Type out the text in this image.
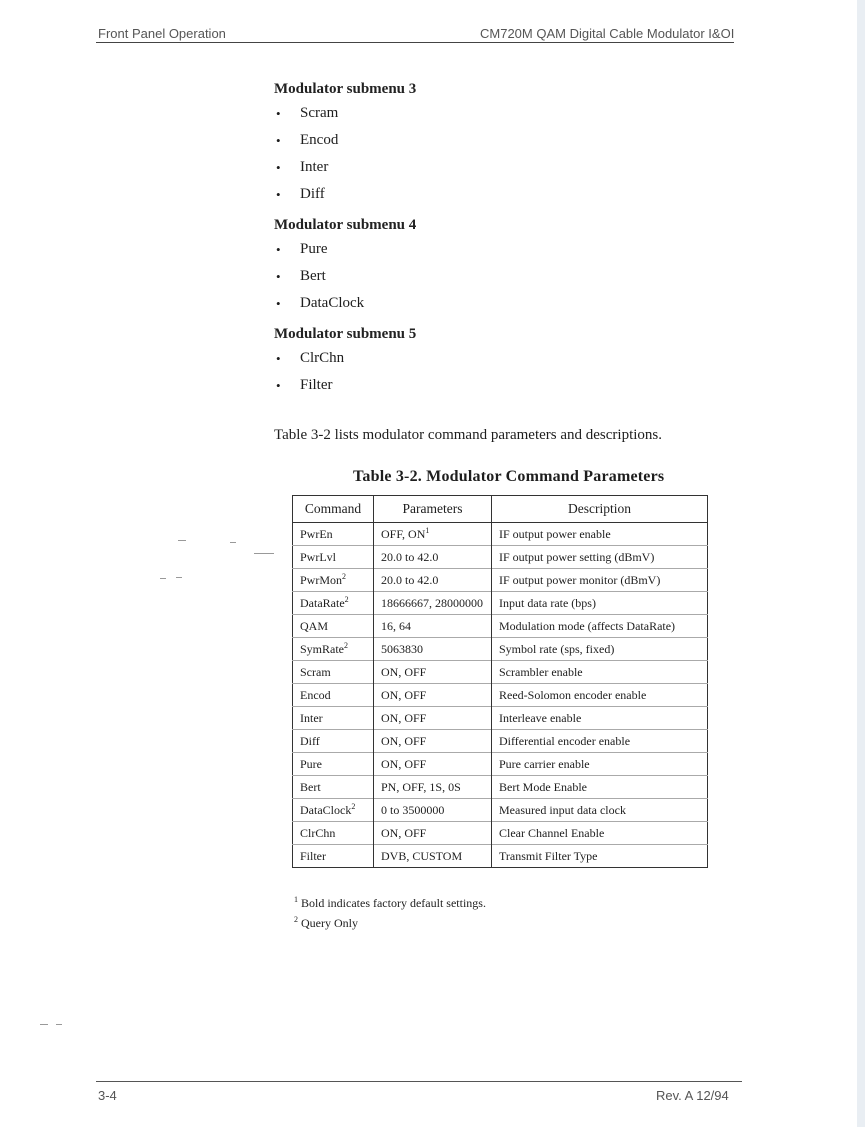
Front Panel Operation	CM720M QAM Digital Cable Modulator I&OI
Modulator submenu 3
• Scram
• Encod
• Inter
• Diff
Modulator submenu 4
• Pure
• Bert
• DataClock
Modulator submenu 5
• ClrChn
• Filter
Table 3-2 lists modulator command parameters and descriptions.
Table 3-2. Modulator Command Parameters
Command	Parameters	Description
PwrEn	OFF, $ON^1$	IF output power enable
PwrLvl	20.0 to 42.0	IF output power setting (dBmV)
PwrMon$^2$	20.0 to 42.0	IF output power monitor (dBmV)
DataRate$^2$	18666667, 28000000	Input data rate (bps)
QAM	16, 64	Modulation mode (affects DataRate)
SymRate$^2$	5063830	Symbol rate (sps, fixed)
Scram	ON, OFF	Scrambler enable
Encod	ON, OFF	Reed-Solomon encoder enable
Inter	ON, OFF	Interleave enable
Diff	ON, OFF	Differential encoder enable
Pure	ON, OFF	Pure carrier enable
Bert	PN, OFF, 1S, 0S	Bert Mode Enable
DataClock$^2$	0 to 3500000	Measured input data clock
ClrChn	ON, OFF	Clear Channel Enable
Filter	DVB, CUSTOM	Transmit Filter Type
$^1$ Bold indicates factory default settings.
$^2$ Query Only
3-4	Rev. A 12/94
